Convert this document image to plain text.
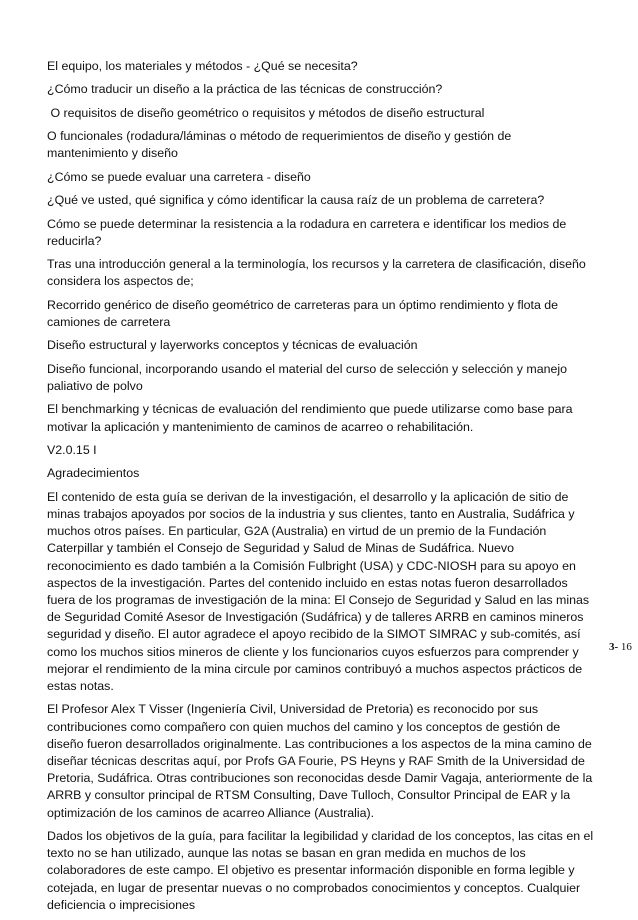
El equipo, los materiales y métodos - ¿Qué se necesita?

¿Cómo traducir un diseño a la práctica de las técnicas de construcción?

O requisitos de diseño geométrico o requisitos y métodos de diseño estructural

O funcionales (rodadura/láminas o método de requerimientos de diseño y gestión de mantenimiento y diseño

¿Cómo se puede evaluar una carretera - diseño

¿Qué ve usted, qué significa y cómo identificar la causa raíz de un problema de carretera?

Cómo se puede determinar la resistencia a la rodadura en carretera e identificar los medios de reducirla?

Tras una introducción general a la terminología, los recursos y la carretera de clasificación, diseño considera los aspectos de;

Recorrido genérico de diseño geométrico de carreteras para un óptimo rendimiento y flota de camiones de carretera

Diseño estructural y layerworks conceptos y técnicas de evaluación

Diseño funcional, incorporando usando el material del curso de selección y selección y manejo paliativo de polvo

El benchmarking y técnicas de evaluación del rendimiento que puede utilizarse como base para motivar la aplicación y mantenimiento de caminos de acarreo o rehabilitación.

V2.0.15 I

Agradecimientos

El contenido de esta guía se derivan de la investigación, el desarrollo y la aplicación de sitio de minas trabajos apoyados por socios de la industria y sus clientes, tanto en Australia, Sudáfrica y muchos otros países. En particular, G2A (Australia) en virtud de un premio de la Fundación Caterpillar y también el Consejo de Seguridad y Salud de Minas de Sudáfrica. Nuevo reconocimiento es dado también a la Comisión Fulbright (USA) y CDC-NIOSH para su apoyo en aspectos de la investigación. Partes del contenido incluido en estas notas fueron desarrollados fuera de los programas de investigación de la mina: El Consejo de Seguridad y Salud en las minas de Seguridad Comité Asesor de Investigación (Sudáfrica) y de talleres ARRB en caminos mineros seguridad y diseño. El autor agradece el apoyo recibido de la SIMOT SIMRAC y sub-comités, así como los muchos sitios mineros de cliente y los funcionarios cuyos esfuerzos para comprender y mejorar el rendimiento de la mina circule por caminos contribuyó a muchos aspectos prácticos de estas notas.

El Profesor Alex T Visser (Ingeniería Civil, Universidad de Pretoria) es reconocido por sus contribuciones como compañero con quien muchos del camino y los conceptos de gestión de diseño fueron desarrollados originalmente. Las contribuciones a los aspectos de la mina camino de diseñar técnicas descritas aquí, por Profs GA Fourie, PS Heyns y RAF Smith de la Universidad de Pretoria, Sudáfrica. Otras contribuciones son reconocidas desde Damir Vagaja, anteriormente de la ARRB y consultor principal de RTSM Consulting, Dave Tulloch, Consultor Principal de EAR y la optimización de los caminos de acarreo Alliance (Australia).

Dados los objetivos de la guía, para facilitar la legibilidad y claridad de los conceptos, las citas en el texto no se han utilizado, aunque las notas se basan en gran medida en muchos de los colaboradores de este campo. El objetivo es presentar información disponible en forma legible y cotejada, en lugar de presentar nuevas o no comprobados conocimientos y conceptos. Cualquier deficiencia o imprecisiones

3- 16
